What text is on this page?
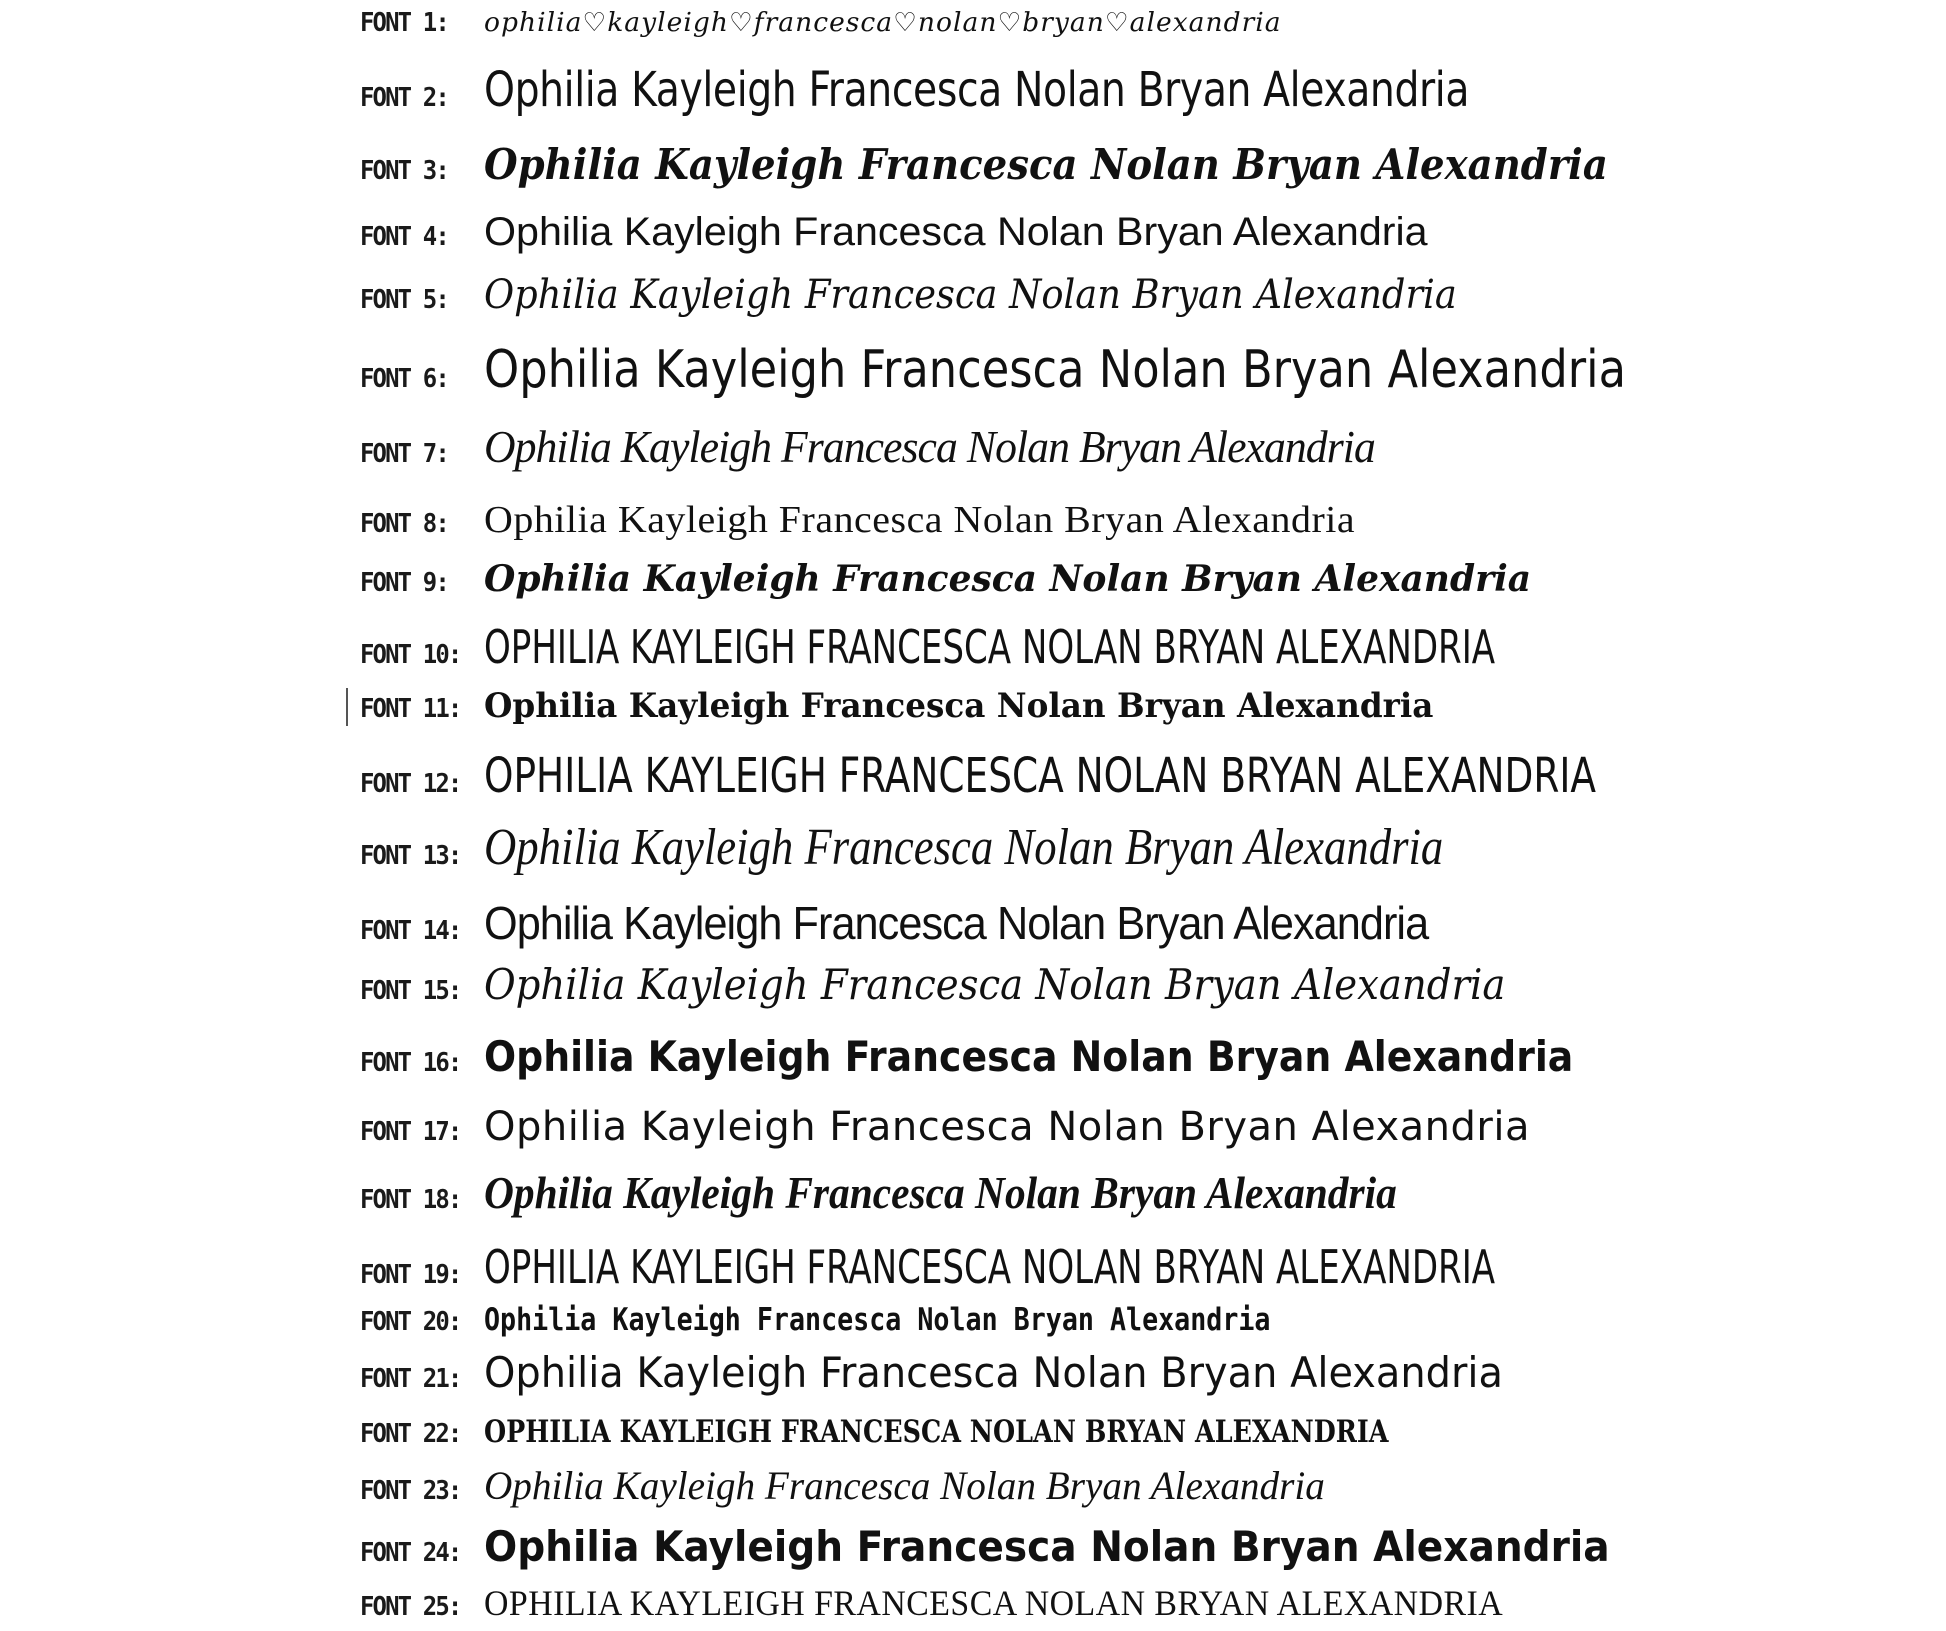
FONT 1:	ophilia♡kayleigh♡francesca♡nolan♡bryan♡alexandria
FONT 2: Ophilia Kayleigh Francesca Nolan Bryan Alexandria
FONT 3: Ophilia Kayleigh Francesca Nolan Bryan Alexandria
FONT 4: Ophilia Kayleigh Francesca Nolan Bryan Alexandria
FONT 5: Ophilia Kayleigh Francesca Nolan Bryan Alexandria
FONT 6: Ophilia Kayleigh Francesca Nolan Bryan Alexandria
FONT 7: Ophilia Kayleigh Francesca Nolan Bryan Alexandria
FONT 8: Ophilia Kayleigh Francesca Nolan Bryan Alexandria
FONT 9:	Ophilia Kayleigh Francesca Nolan Bryan Alexandria
FONT 10: OPHILIA KAYLEIGH FRANCESCA NOLAN BRYAN ALEXANDRIA
FONT 11: Ophilia Kayleigh Francesca Nolan Bryan Alexandria
FONT 12: OPHILIA KAYLEIGH FRANCESCA NOLAN BRYAN ALEXANDRIA
FONT 13: Ophilia Kayleigh Francesca Nolan Bryan Alexandria
FONT 14: Ophilia Kayleigh Francesca Nolan Bryan Alexandria
FONT 15: Ophilia Kayleigh Francesca Nolan Bryan Alexandria
FONT 16: Ophilia Kayleigh Francesca Nolan Bryan Alexandria
FONT 17: Ophilia Kayleigh Francesca Nolan Bryan Alexandria
FONT 18: Ophilia Kayleigh Francesca Nolan Bryan Alexandria
FONT 19: OPHILIA KAYLEIGH FRANCESCA NOLAN BRYAN ALEXANDRIA
FONT 20: Ophilia Kayleigh Francesca Nolan Bryan Alexandria
FONT 21: Ophilia Kayleigh Francesca Nolan Bryan Alexandria
FONT 22: OPHILIA KAYLEIGH FRANCESCA NOLAN BRYAN ALEXANDRIA
FONT 23: Ophilia Kayleigh Francesca Nolan Bryan Alexandria
FONT 24: Ophilia Kayleigh Francesca Nolan Bryan Alexandria
FONT 25: OPHILIA KAYLEIGH FRANCESCA NOLAN BRYAN ALEXANDRIA
